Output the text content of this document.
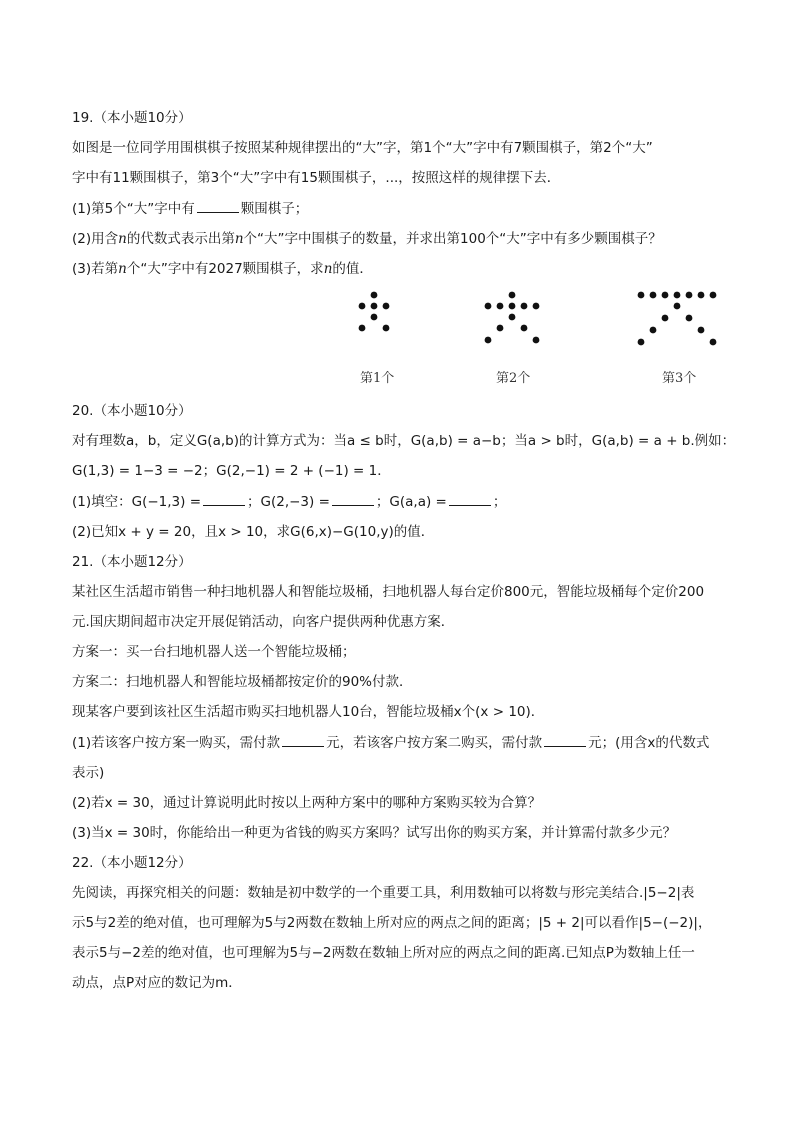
19.（本小题10分）
如图是一位同学用围棋棋子按照某种规律摆出的“大”字，第1个“大”字中有7颗围棋子，第2个“大”
字中有11颗围棋子，第3个“大”字中有15颗围棋子，...，按照这样的规律摆下去．
(1)第5个“大”字中有	颗围棋子；
(2)用含n的代数式表示出第n个“大”字中围棋子的数量，并求出第100个“大”字中有多少颗围棋子？
(3)若第n个“大”字中有2027颗围棋子，求n的值．
第1个	第2个	第3个
20.（本小题10分）
对有理数a，b，定义G(a,b)的计算方式为：当a ≤ b时，G(a,b) = a−b；当a > b时，G(a,b) = a + b.例如：
G(1,3) = 1−3 = −2；G(2,−1) = 2 + (−1) = 1．
(1)填空：G(−1,3) =	；G(2,−3) =	；G(a,a) =	；
(2)已知x + y = 20，且x > 10，求G(6,x)−G(10,y)的值．
21.（本小题12分）
某社区生活超市销售一种扫地机器人和智能垃圾桶，扫地机器人每台定价800元，智能垃圾桶每个定价200
元.国庆期间超市决定开展促销活动，向客户提供两种优惠方案．
方案一：买一台扫地机器人送一个智能垃圾桶；
方案二：扫地机器人和智能垃圾桶都按定价的90%付款．
现某客户要到该社区生活超市购买扫地机器人10台，智能垃圾桶x个(x > 10)．
(1)若该客户按方案一购买，需付款	元，若该客户按方案二购买，需付款	元；(用含x的代数式
表示)
(2)若x = 30，通过计算说明此时按以上两种方案中的哪种方案购买较为合算？
(3)当x = 30时，你能给出一种更为省钱的购买方案吗？试写出你的购买方案，并计算需付款多少元？
22.（本小题12分）
先阅读，再探究相关的问题：数轴是初中数学的一个重要工具，利用数轴可以将数与形完美结合.|5−2|表
示5与2差的绝对值，也可理解为5与2两数在数轴上所对应的两点之间的距离；|5 + 2|可以看作|5−(−2)|，
表示5与−2差的绝对值，也可理解为5与−2两数在数轴上所对应的两点之间的距离.已知点P为数轴上任一
动点，点P对应的数记为m．
